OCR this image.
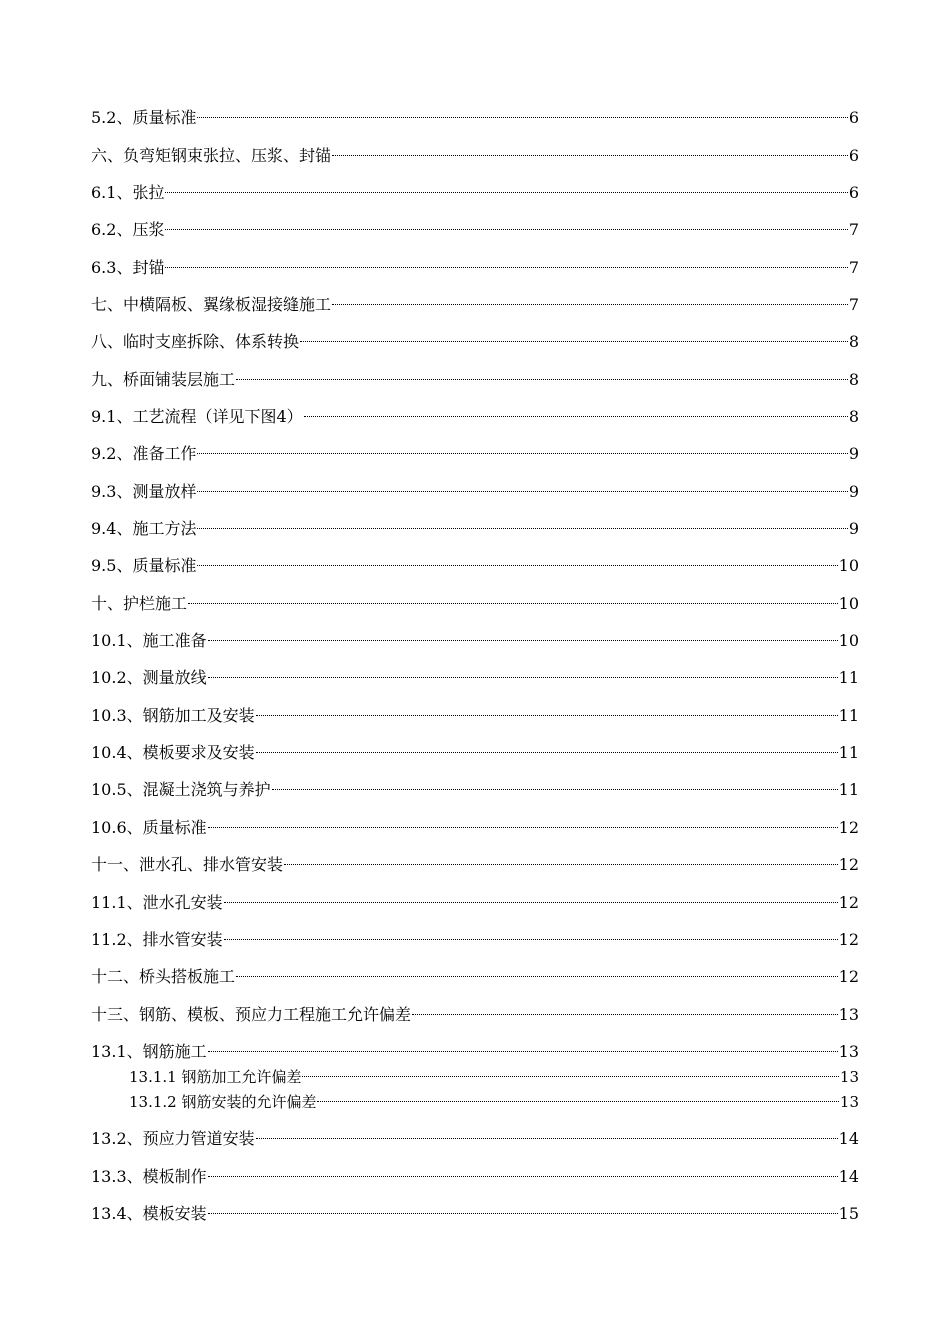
5.2、质量标准	6
六、负弯矩钢束张拉、压浆、封锚	6
6.1、张拉	6
6.2、压浆	7
6.3、封锚	7
七、中横隔板、翼缘板湿接缝施工	7
八、临时支座拆除、体系转换	8
九、桥面铺装层施工	8
9.1、工艺流程（详见下图4）	8
9.2、准备工作	9
9.3、测量放样	9
9.4、施工方法	9
9.5、质量标准	10
十、护栏施工	10
10.1、施工准备	10
10.2、测量放线	11
10.3、钢筋加工及安装	11
10.4、模板要求及安装	11
10.5、混凝土浇筑与养护	11
10.6、质量标准	12
十一、泄水孔、排水管安装	12
11.1、泄水孔安装	12
11.2、排水管安装	12
十二、桥头搭板施工	12
十三、钢筋、模板、预应力工程施工允许偏差	13
13.1、钢筋施工	13
13.1.1 钢筋加工允许偏差	13
13.1.2 钢筋安装的允许偏差	13
13.2、预应力管道安装	14
13.3、模板制作	14
13.4、模板安装	15
